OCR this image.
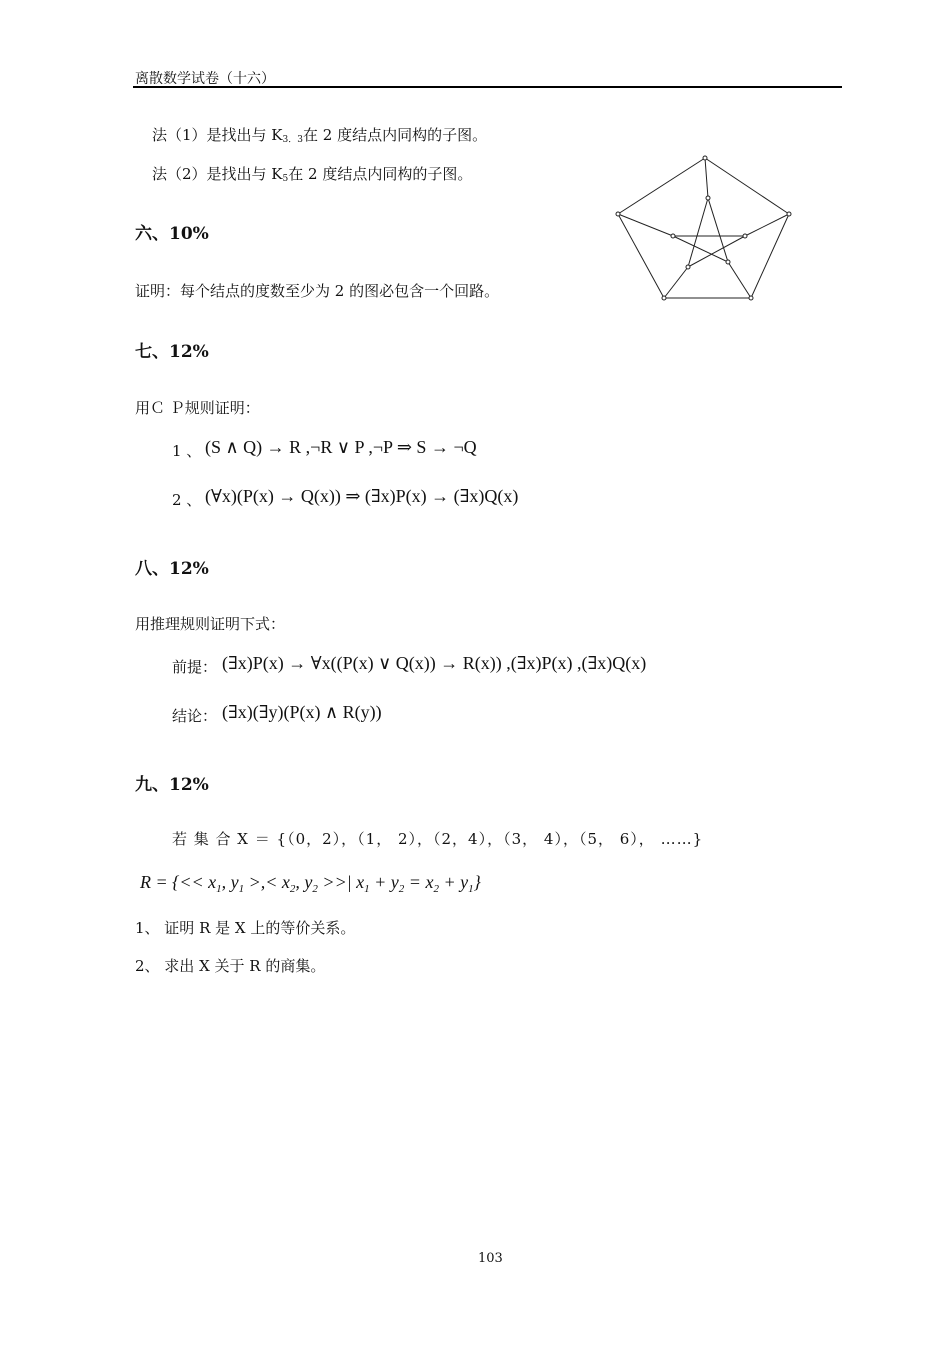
离散数学试卷（十六）
法（1）是找出与 K3．3在 2 度结点内同构的子图。
法（2）是找出与 K5在 2 度结点内同构的子图。
六、10%
证明：每个结点的度数至少为 2 的图必包含一个回路。
七、12%
用Ｃ Ｐ规则证明：
1 、 (S ∧ Q) → R ,¬R ∨ P ,¬P ⇒ S → ¬Q
2 、 (∀x)(P(x) → Q(x)) ⇒ (∃x)P(x) → (∃x)Q(x)
八、12%
用推理规则证明下式：
前提： (∃x)P(x) → ∀x((P(x) ∨ Q(x)) → R(x)) ,(∃x)P(x) ,(∃x)Q(x)
结论： (∃x)(∃y)(P(x) ∧ R(y))
九、12%
若 集 合 X ＝ {（0，2），（1， 2），（2，4），（3， 4），（5， 6）， ……}
R = {<< $x_1$, $y_1$ >,< $x_2$, $y_2$ >>| $x_1 + y_2 = x_2 + y_1$}
1、 证明 R 是 X 上的等价关系。
2、 求出 X 关于 R 的商集。
103
